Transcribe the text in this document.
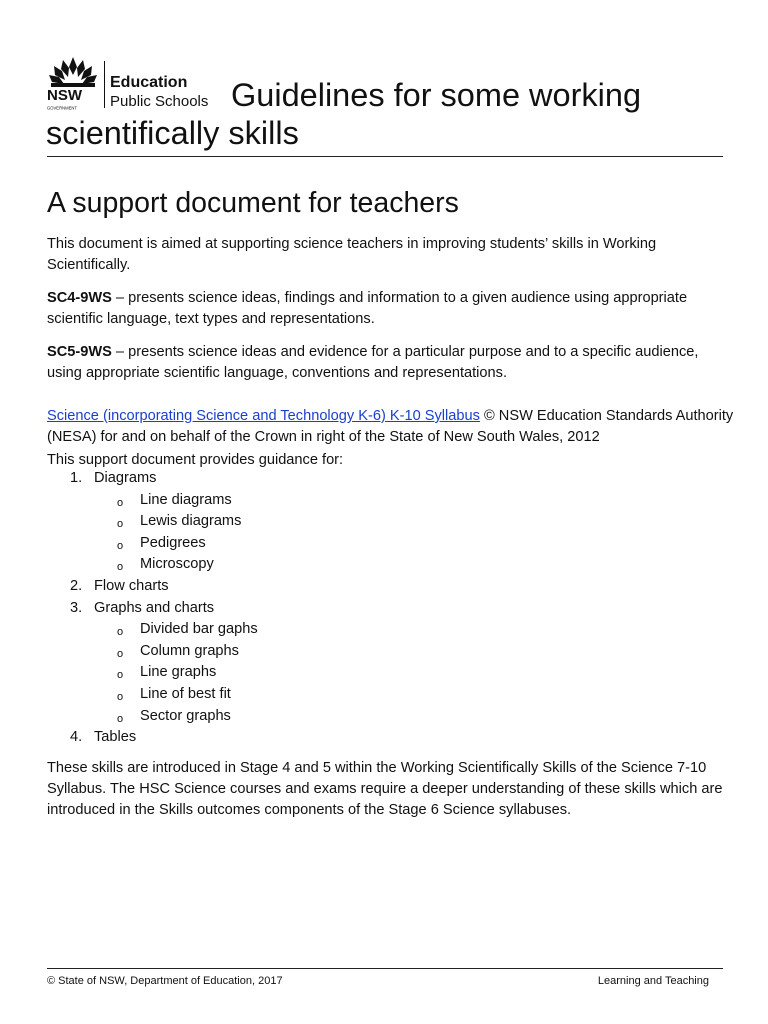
NSW
GOVERNMENT
Education
Public Schools Guidelines for some working scientifically skills
A support document for teachers
This document is aimed at supporting science teachers in improving students’ skills in Working Scientifically.
SC4-9WS – presents science ideas, findings and information to a given audience using appropriate scientific language, text types and representations.
SC5-9WS – presents science ideas and evidence for a particular purpose and to a specific audience, using appropriate scientific language, conventions and representations.
Science (incorporating Science and Technology K-6) K-10 Syllabus © NSW Education Standards Authority (NESA) for and on behalf of the Crown in right of the State of New South Wales, 2012
This support document provides guidance for:
1. Diagrams
o Line diagrams
o Lewis diagrams
o Pedigrees
o Microscopy
2. Flow charts
3. Graphs and charts
o Divided bar gaphs
o Column graphs
o Line graphs
o Line of best fit
o Sector graphs
4. Tables
These skills are introduced in Stage 4 and 5 within the Working Scientifically Skills of the Science 7-10 Syllabus. The HSC Science courses and exams require a deeper understanding of these skills which are introduced in the Skills outcomes components of the Stage 6 Science syllabuses.
© State of NSW, Department of Education, 2017	Learning and Teaching
